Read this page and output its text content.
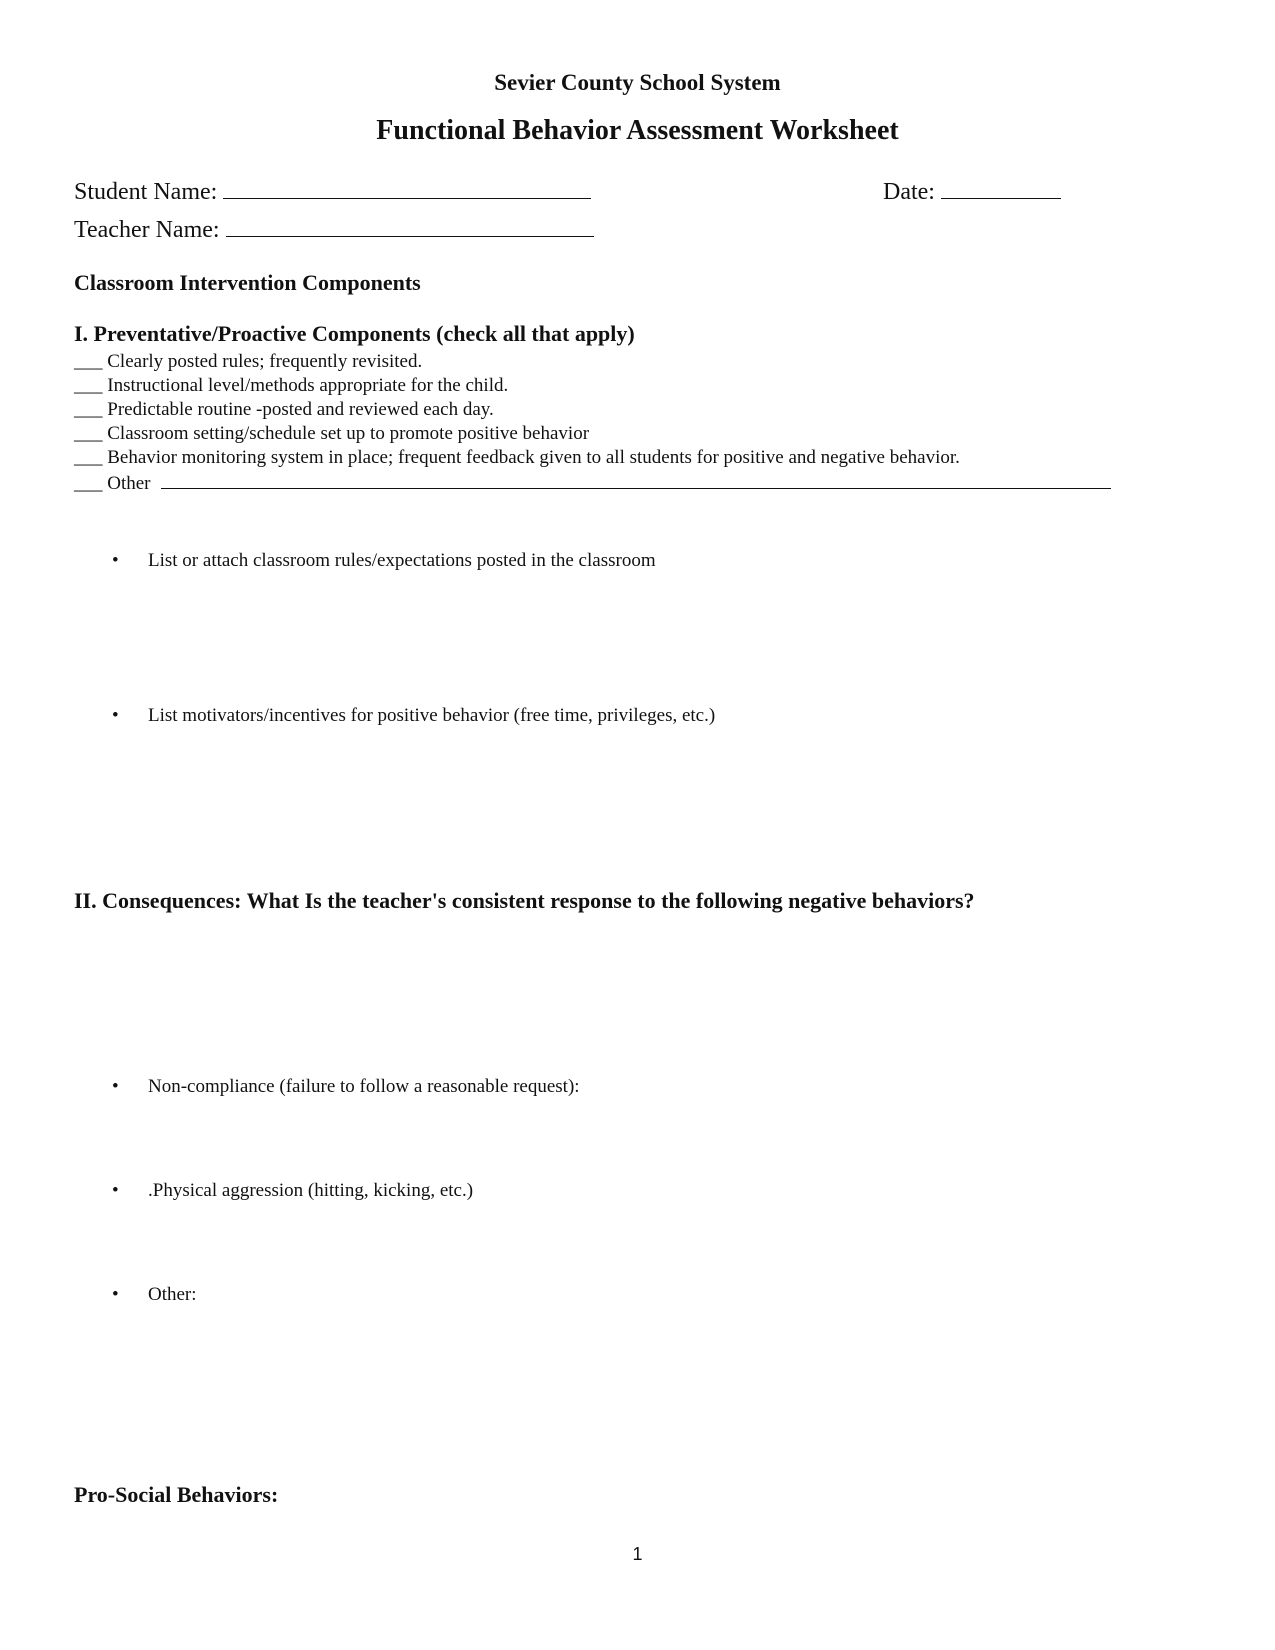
Sevier County School System
Functional Behavior Assessment Worksheet
Student Name:	Date:
Teacher Name:
Classroom Intervention Components
I. Preventative/Proactive Components (check all that apply)
___ Clearly posted rules; frequently revisited.
___ Instructional level/methods appropriate for the child.
___ Predictable routine -posted and reviewed each day.
___ Classroom setting/schedule set up to promote positive behavior
___ Behavior monitoring system in place; frequent feedback given to all students for positive and negative behavior.
___ Other
• List or attach classroom rules/expectations posted in the classroom
• List motivators/incentives for positive behavior (free time, privileges, etc.)
II. Consequences: What Is the teacher's consistent response to the following negative behaviors?
• Non-compliance (failure to follow a reasonable request):
• .Physical aggression (hitting, kicking, etc.)
• Other:
Pro-Social Behaviors:
1
